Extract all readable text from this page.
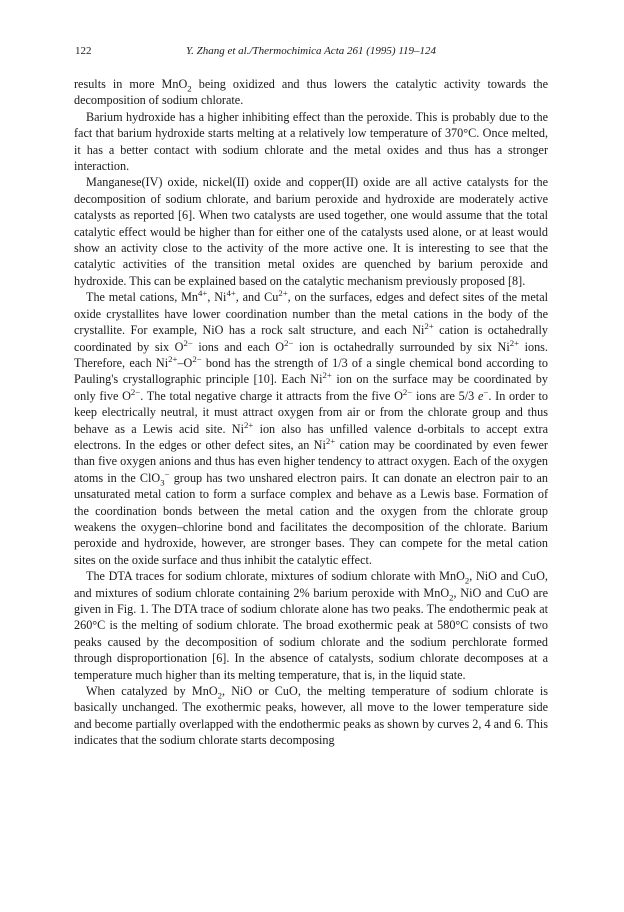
122	Y. Zhang et al./Thermochimica Acta 261 (1995) 119–124

results in more MnO$_2$ being oxidized and thus lowers the catalytic activity towards the decomposition of sodium chlorate.

Barium hydroxide has a higher inhibiting effect than the peroxide. This is probably due to the fact that barium hydroxide starts melting at a relatively low temperature of 370°C. Once melted, it has a better contact with sodium chlorate and the metal oxides and thus has a stronger interaction.

Manganese(IV) oxide, nickel(II) oxide and copper(II) oxide are all active catalysts for the decomposition of sodium chlorate, and barium peroxide and hydroxide are moderately active catalysts as reported [6]. When two catalysts are used together, one would assume that the total catalytic effect would be higher than for either one of the catalysts used alone, or at least would show an activity close to the activity of the more active one. It is interesting to see that the catalytic activities of the transition metal oxides are quenched by barium peroxide and hydroxide. This can be explained based on the catalytic mechanism previously proposed [8].

The metal cations, $Mn^{4+}$, $Ni^{4+}$, and $Cu^{2+}$, on the surfaces, edges and defect sites of the metal oxide crystallites have lower coordination number than the metal cations in the body of the crystallite. For example, NiO has a rock salt structure, and each $Ni^{2+}$ cation is octahedrally coordinated by six $O^{2-}$ ions and each $O^{2-}$ ion is octahedrally surrounded by six $Ni^{2+}$ ions. Therefore, each $Ni^{2+}-O^{2-}$ bond has the strength of 1/3 of a single chemical bond according to Pauling's crystallographic principle [10]. Each $Ni^{2+}$ ion on the surface may be coordinated by only five $O^{2-}$. The total negative charge it attracts from the five $O^{2-}$ ions are 5/3 e−. In order to keep electrically neutral, it must attract oxygen from air or from the chlorate group and thus behave as a Lewis acid site. $Ni^{2+}$ ion also has unfilled valence d-orbitals to accept extra electrons. In the edges or other defect sites, an $Ni^{2+}$ cation may be coordinated by even fewer than five oxygen anions and thus has even higher tendency to attract oxygen. Each of the oxygen atoms in the ClO$_3$− group has two unshared electron pairs. It can donate an electron pair to an unsaturated metal cation to form a surface complex and behave as a Lewis base. Formation of the coordination bonds between the metal cation and the oxygen from the chlorate group weakens the oxygen–chlorine bond and facilitates the decomposition of the chlorate. Barium peroxide and hydroxide, however, are stronger bases. They can compete for the metal cation sites on the oxide surface and thus inhibit the catalytic effect.

The DTA traces for sodium chlorate, mixtures of sodium chlorate with MnO$_2$, NiO and CuO, and mixtures of sodium chlorate containing 2% barium peroxide with MnO$_2$, NiO and CuO are given in Fig. 1. The DTA trace of sodium chlorate alone has two peaks. The endothermic peak at 260°C is the melting of sodium chlorate. The broad exothermic peak at 580°C consists of two peaks caused by the decomposition of sodium chlorate and the sodium perchlorate formed through disproportionation [6]. In the absence of catalysts, sodium chlorate decomposes at a temperature much higher than its melting temperature, that is, in the liquid state.

When catalyzed by MnO$_2$, NiO or CuO, the melting temperature of sodium chlorate is basically unchanged. The exothermic peaks, however, all move to the lower temperature side and become partially overlapped with the endothermic peaks as shown by curves 2, 4 and 6. This indicates that the sodium chlorate starts decomposing
